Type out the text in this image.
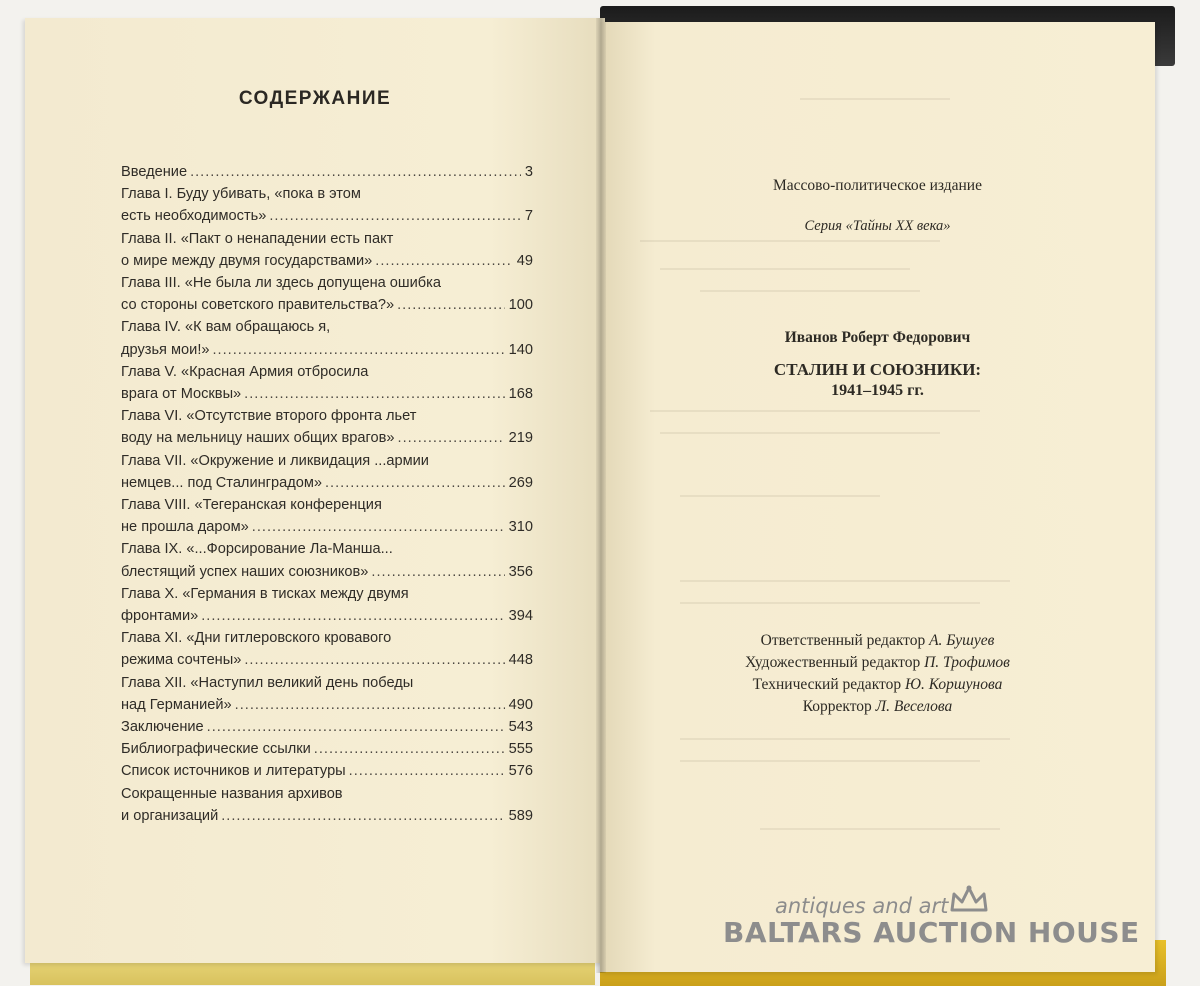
СОДЕРЖАНИЕ
Введение .....	3
Глава I. Буду убивать, «пока в этом
есть необходимость» .....	7
Глава II. «Пакт о ненападении есть пакт
о мире между двумя государствами» .....	49
Глава III. «Не была ли здесь допущена ошибка
со стороны советского правительства?» .....	100
Глава IV. «К вам обращаюсь я,
друзья мои!» .....	140
Глава V. «Красная Армия отбросила
врага от Москвы» .....	168
Глава VI. «Отсутствие второго фронта льет
воду на мельницу наших общих врагов» .....	219
Глава VII. «Окружение и ликвидация ...армии
немцев... под Сталинградом» .....	269
Глава VIII. «Тегеранская конференция
не прошла даром» .....	310
Глава IX. «...Форсирование Ла-Манша...
блестящий успех наших союзников» .....	356
Глава X. «Германия в тисках между двумя
фронтами» .....	394
Глава XI. «Дни гитлеровского кровавого
режима сочтены» .....	448
Глава XII. «Наступил великий день победы
над Германией» .....	490
Заключение .....	543
Библиографические ссылки .....	555
Список источников и литературы .....	576
Сокращенные названия архивов
и организаций .....	589
Массово-политическое издание
Серия «Тайны XX века»
Иванов Роберт Федорович
СТАЛИН И СОЮЗНИКИ:
1941–1945 гг.
Ответственный редактор А. Бушуев
Художественный редактор П. Трофимов
Технический редактор Ю. Коршунова
Корректор Л. Веселова
antiques and art
BALTARS AUCTION HOUSE
